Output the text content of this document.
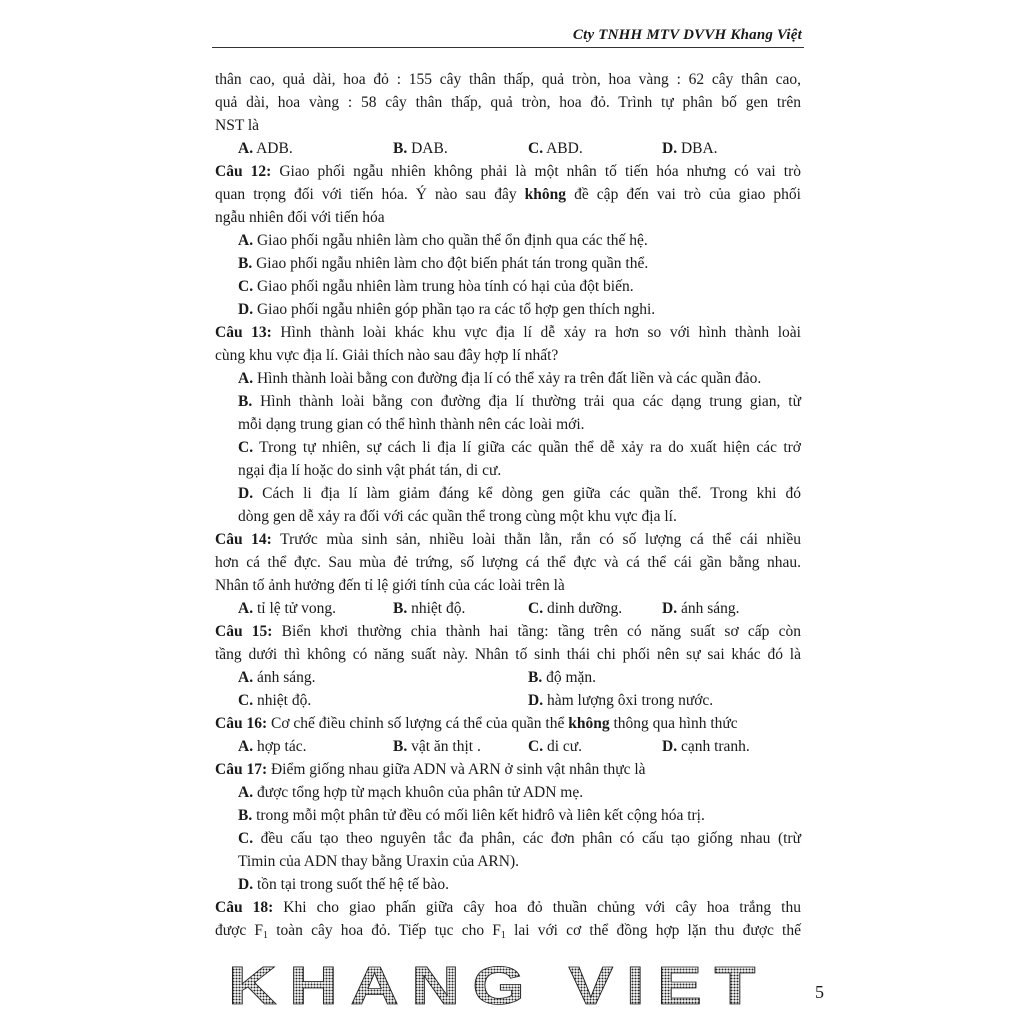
Cty TNHH MTV DVVH Khang Việt
thân cao, quả dài, hoa đỏ : 155 cây thân thấp, quả tròn, hoa vàng : 62 cây thân cao,
quả dài, hoa vàng : 58 cây thân thấp, quả tròn, hoa đỏ. Trình tự phân bố gen trên
NST là
A. ADB.	B. DAB.	C. ABD.	D. DBA.
Câu 12: Giao phối ngẫu nhiên không phải là một nhân tố tiến hóa nhưng có vai trò
quan trọng đối với tiến hóa. Ý nào sau đây không đề cập đến vai trò của giao phối
ngẫu nhiên đối với tiến hóa
A. Giao phối ngẫu nhiên làm cho quần thể ổn định qua các thế hệ.
B. Giao phối ngẫu nhiên làm cho đột biến phát tán trong quần thể.
C. Giao phối ngẫu nhiên làm trung hòa tính có hại của đột biến.
D. Giao phối ngẫu nhiên góp phần tạo ra các tổ hợp gen thích nghi.
Câu 13: Hình thành loài khác khu vực địa lí dễ xảy ra hơn so với hình thành loài
cùng khu vực địa lí. Giải thích nào sau đây hợp lí nhất?
A. Hình thành loài bằng con đường địa lí có thể xảy ra trên đất liền và các quần đảo.
B. Hình thành loài bằng con đường địa lí thường trải qua các dạng trung gian, từ
mỗi dạng trung gian có thể hình thành nên các loài mới.
C. Trong tự nhiên, sự cách li địa lí giữa các quần thể dễ xảy ra do xuất hiện các trở
ngại địa lí hoặc do sinh vật phát tán, di cư.
D. Cách li địa lí làm giảm đáng kể dòng gen giữa các quần thể. Trong khi đó
dòng gen dễ xảy ra đối với các quần thể trong cùng một khu vực địa lí.
Câu 14: Trước mùa sinh sản, nhiều loài thằn lằn, rắn có số lượng cá thể cái nhiều
hơn cá thể đực. Sau mùa đẻ trứng, số lượng cá thể đực và cá thể cái gần bằng nhau.
Nhân tố ảnh hưởng đến tỉ lệ giới tính của các loài trên là
A. tỉ lệ tử vong.	B. nhiệt độ.	C. dinh dưỡng.	D. ánh sáng.
Câu 15: Biển khơi thường chia thành hai tầng: tầng trên có năng suất sơ cấp còn
tầng dưới thì không có năng suất này. Nhân tố sinh thái chi phối nên sự sai khác đó là
A. ánh sáng.	B. độ mặn.
C. nhiệt độ.	D. hàm lượng ôxi trong nước.
Câu 16: Cơ chế điều chỉnh số lượng cá thể của quần thể không thông qua hình thức
A. hợp tác.	B. vật ăn thịt .	C. di cư.	D. cạnh tranh.
Câu 17: Điểm giống nhau giữa ADN và ARN ở sinh vật nhân thực là
A. được tổng hợp từ mạch khuôn của phân tử ADN mẹ.
B. trong mỗi một phân tử đều có mối liên kết hiđrô và liên kết cộng hóa trị.
C. đều cấu tạo theo nguyên tắc đa phân, các đơn phân có cấu tạo giống nhau (trừ
Timin của ADN thay bằng Uraxin của ARN).
D. tồn tại trong suốt thế hệ tế bào.
Câu 18: Khi cho giao phấn giữa cây hoa đỏ thuần chủng với cây hoa trắng thu
được $F_1$ toàn cây hoa đỏ. Tiếp tục cho $F_1$ lai với cơ thể đồng hợp lặn thu được thế
KHANG VIET	5
